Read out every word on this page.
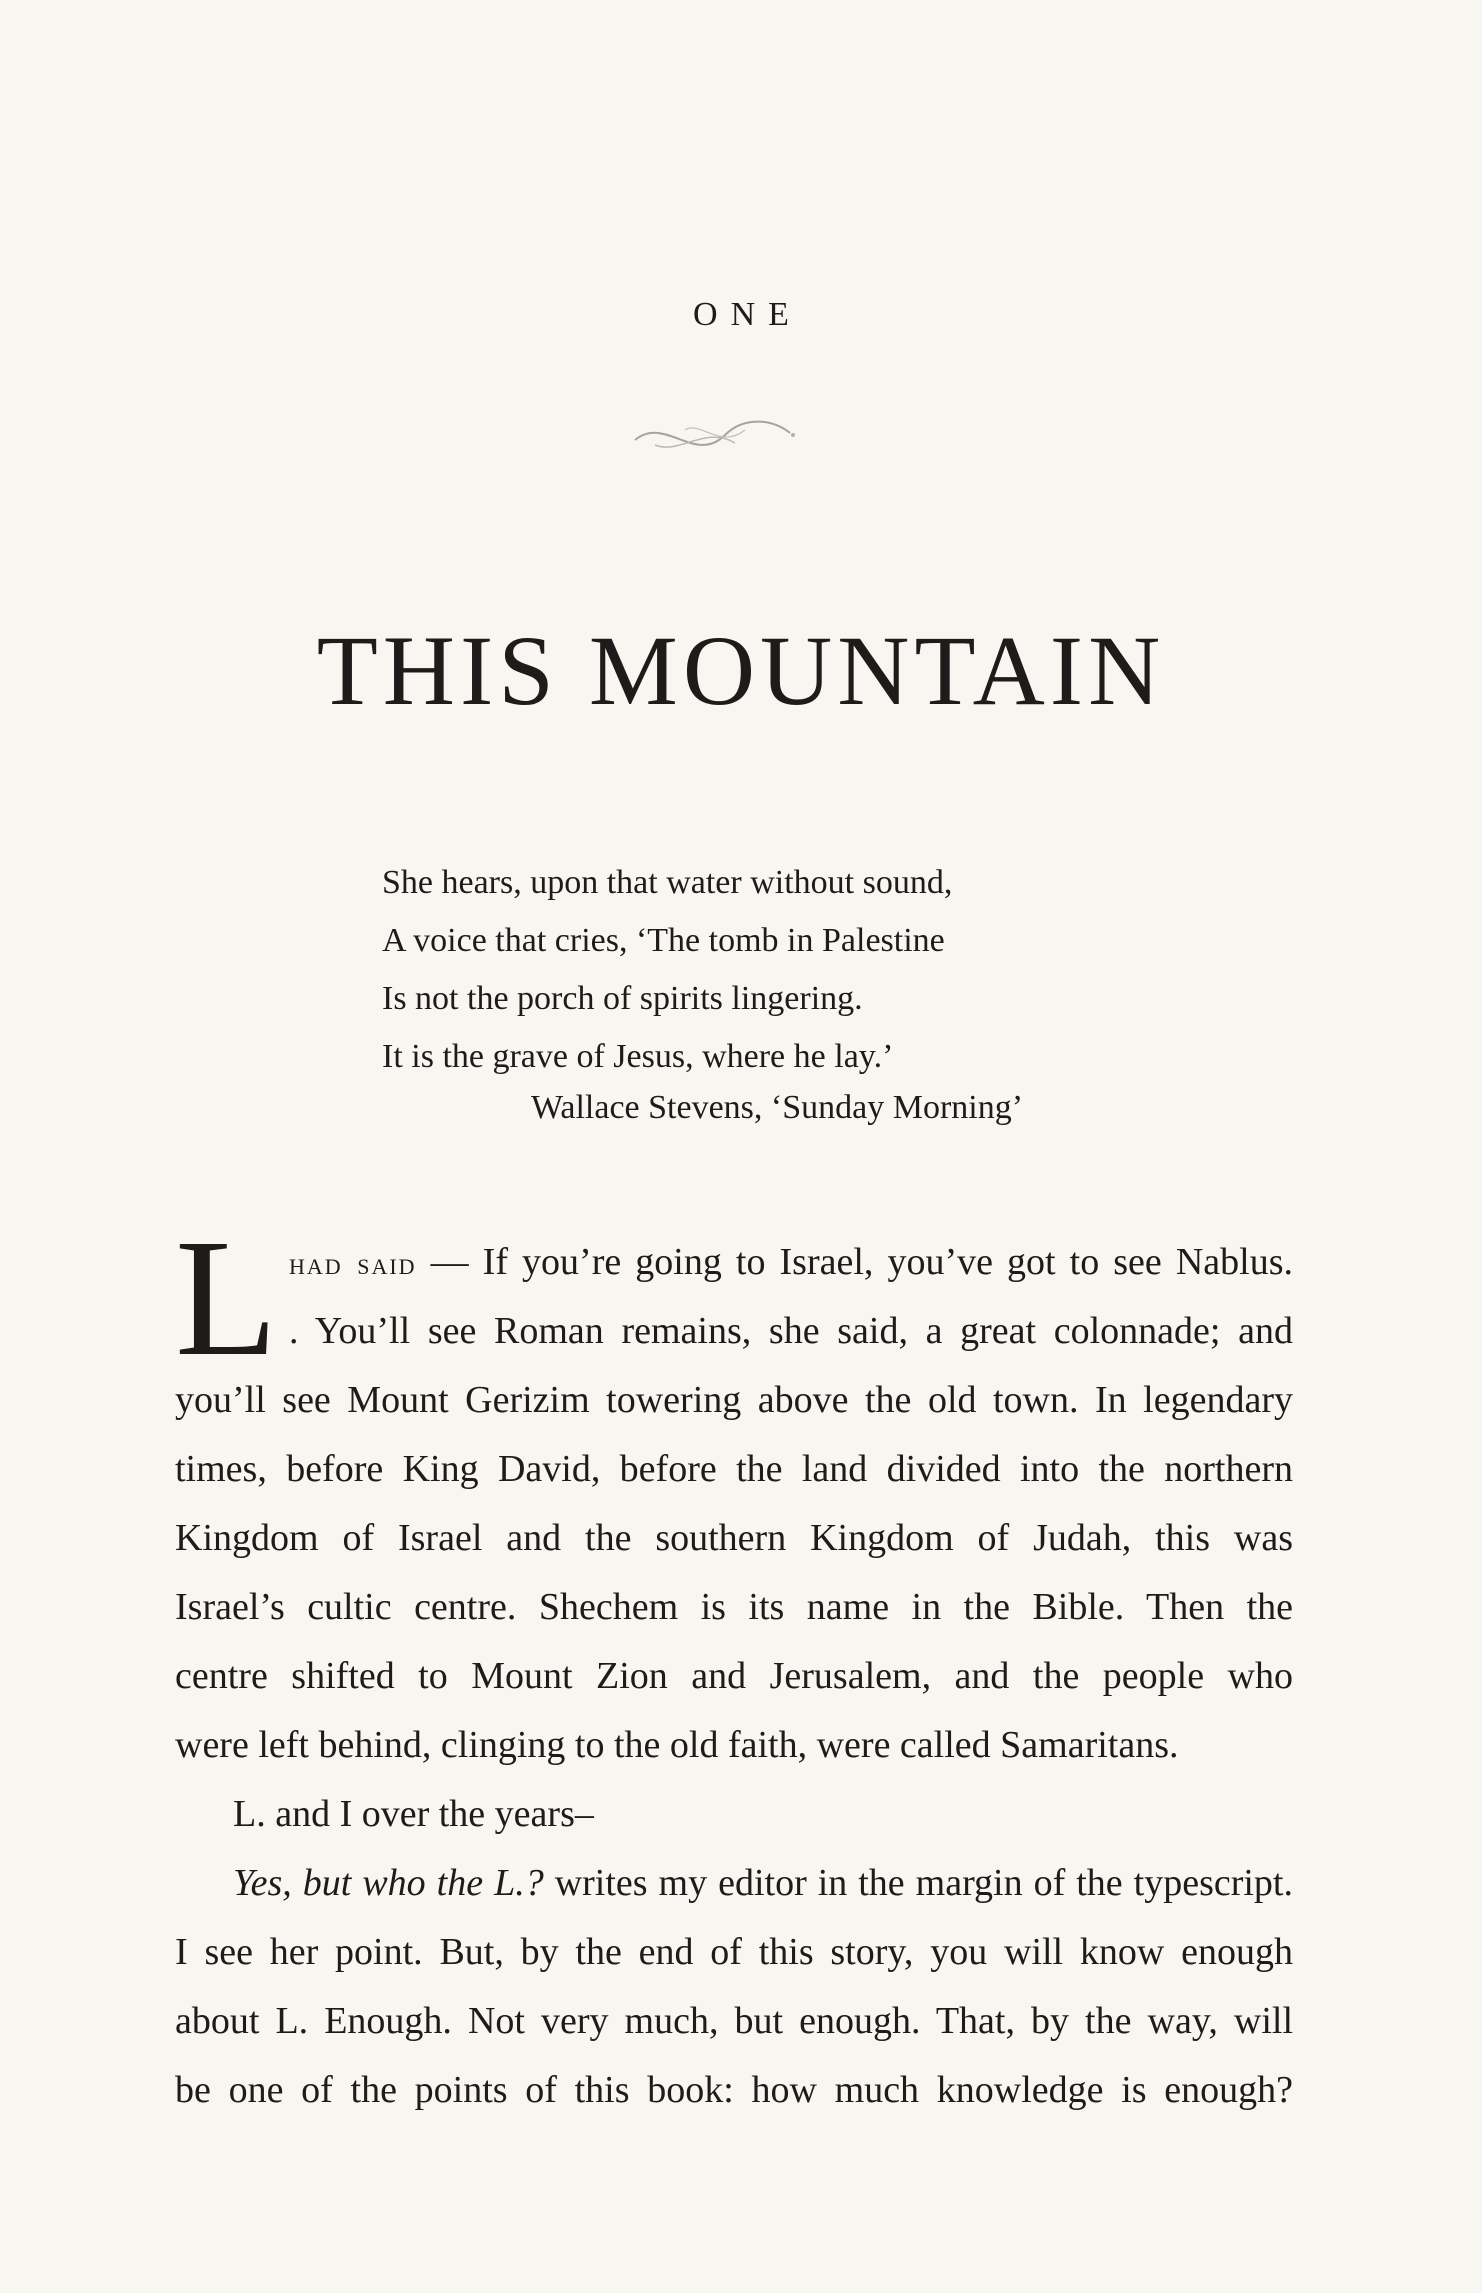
ONE
THIS MOUNTAIN
She hears, upon that water without sound,
A voice that cries, ‘The tomb in Palestine
Is not the porch of spirits lingering.
It is the grave of Jesus, where he lay.’
Wallace Stevens, ‘Sunday Morning’
L had said — If you’re going to Israel, you’ve got to see Nablus.
. You’ll see Roman remains, she said, a great colonnade; and
you’ll see Mount Gerizim towering above the old town. In legendary
times, before King David, before the land divided into the northern
Kingdom of Israel and the southern Kingdom of Judah, this was
Israel’s cultic centre. Shechem is its name in the Bible. Then the
centre shifted to Mount Zion and Jerusalem, and the people who
were left behind, clinging to the old faith, were called Samaritans.
L. and I over the years–
Yes, but who the L.? writes my editor in the margin of the typescript.
I see her point. But, by the end of this story, you will know enough
about L. Enough. Not very much, but enough. That, by the way, will
be one of the points of this book: how much knowledge is enough?
